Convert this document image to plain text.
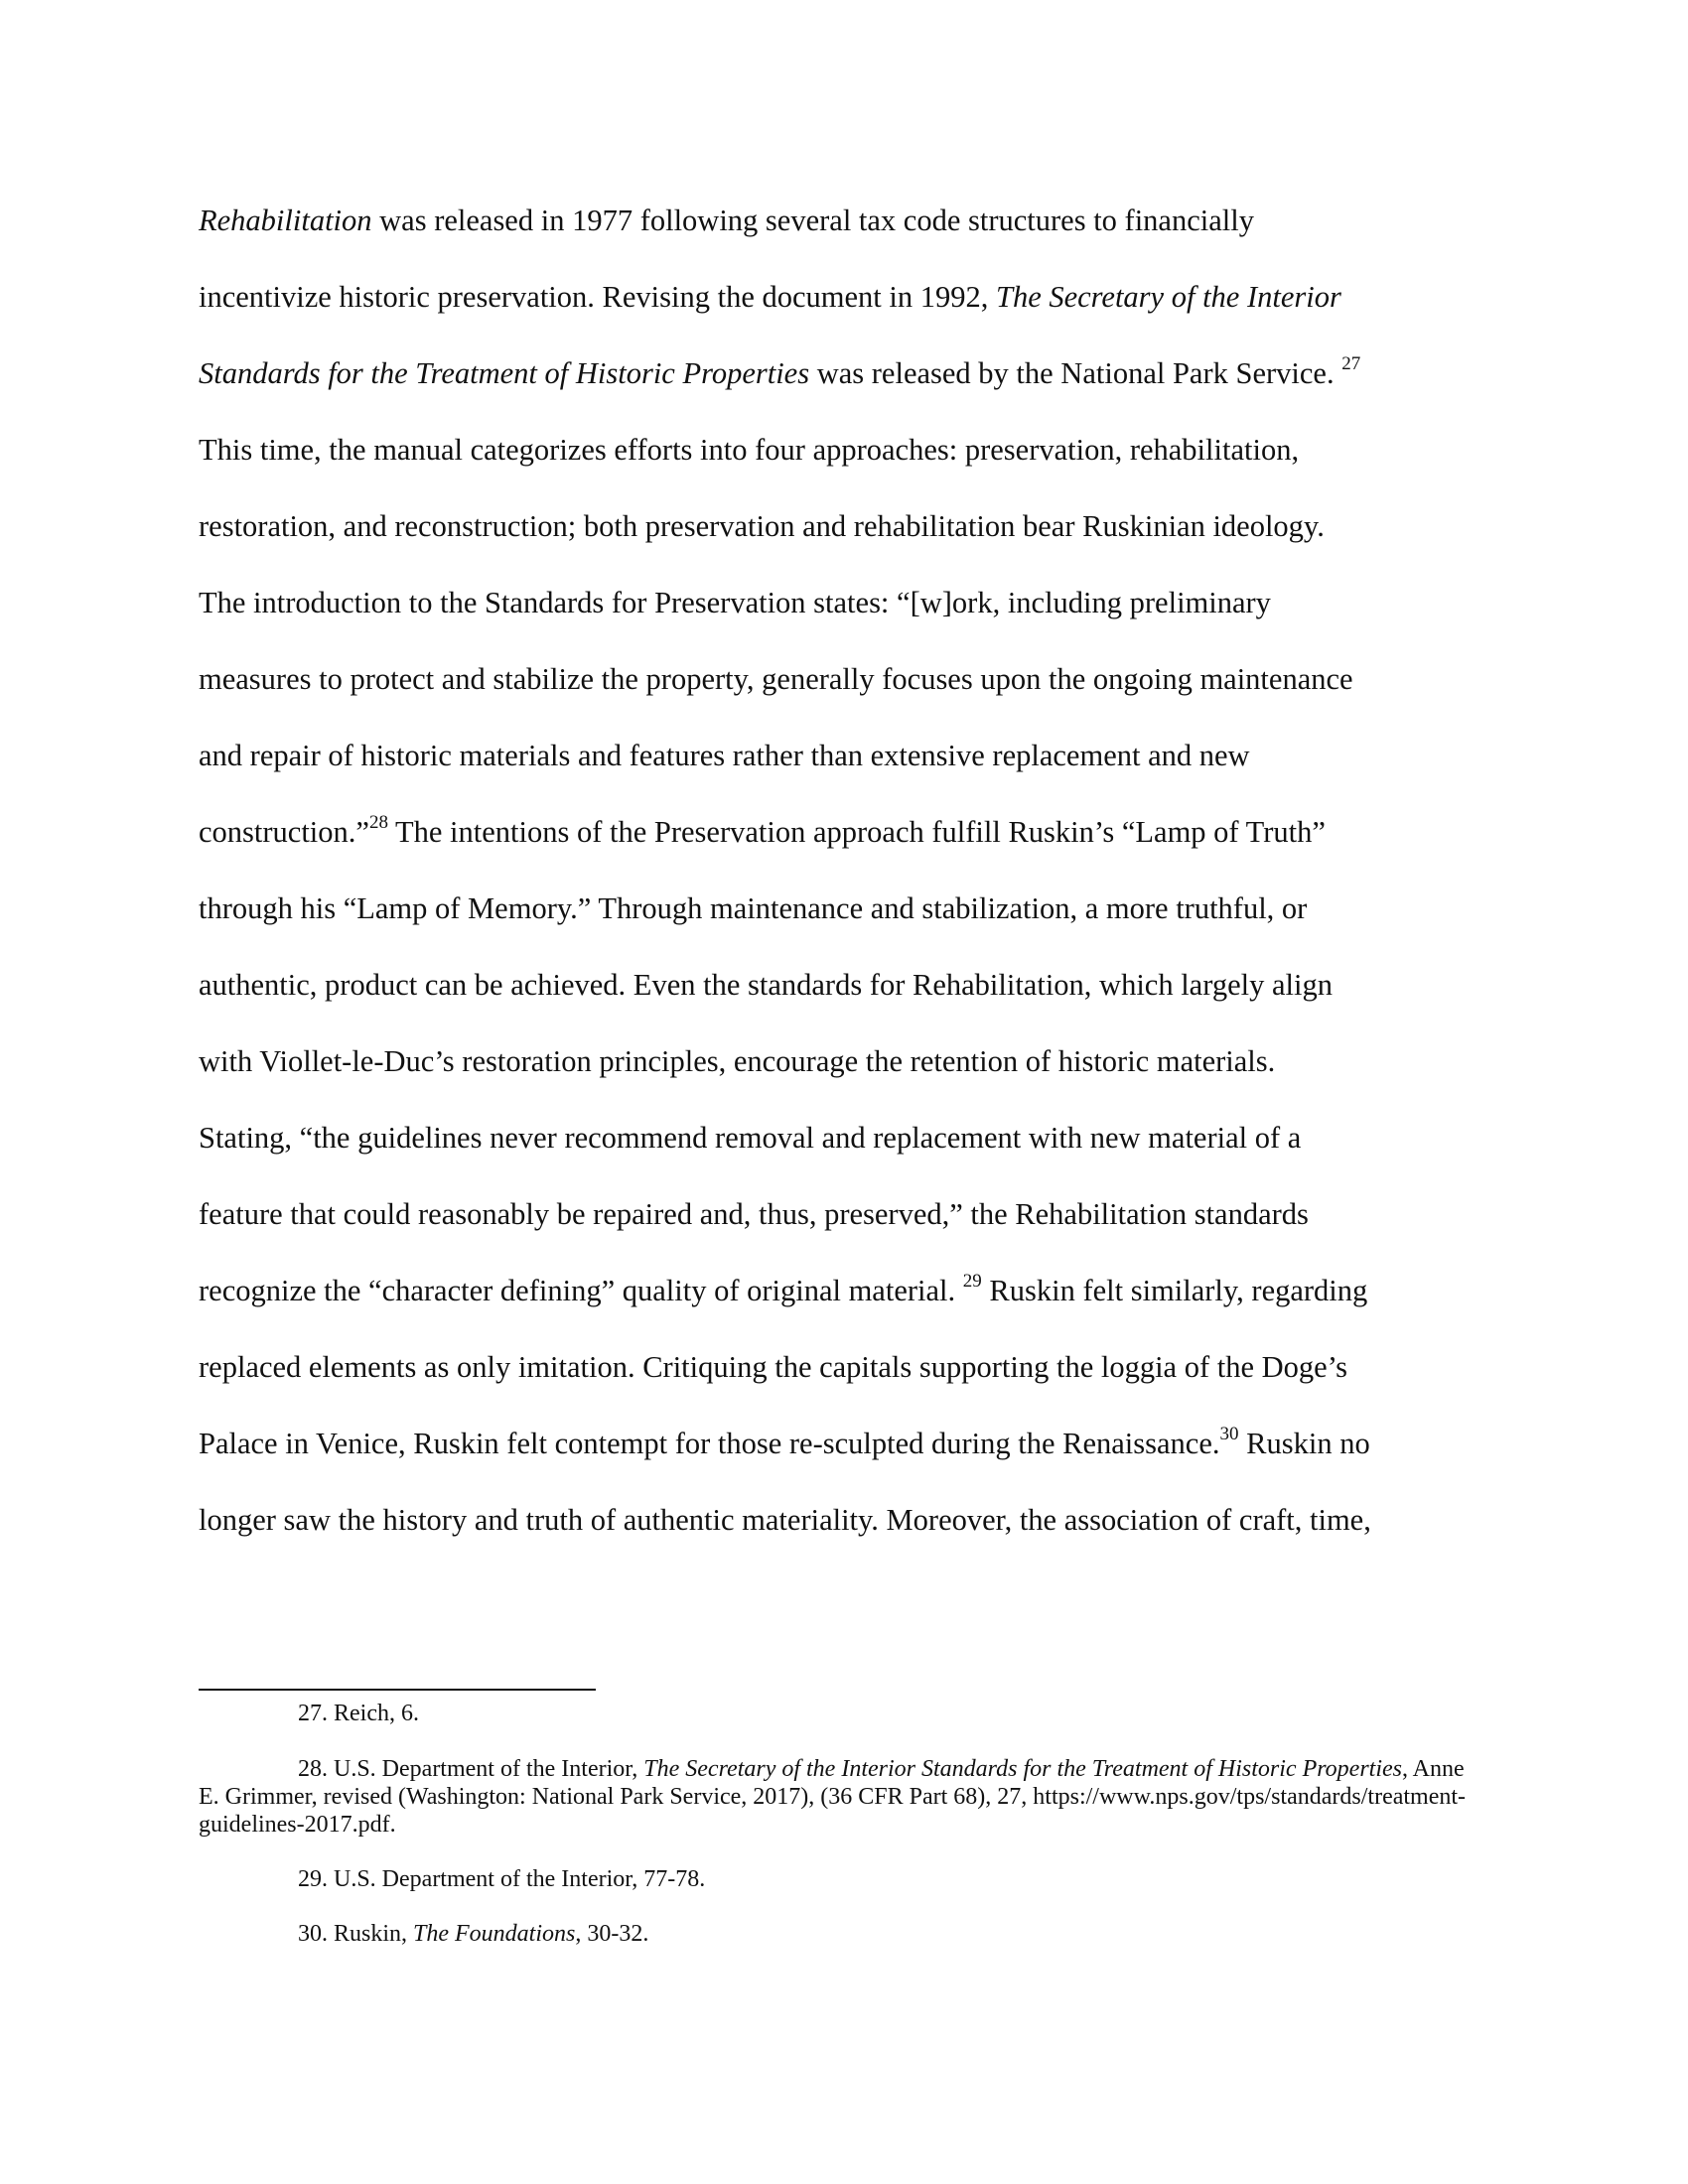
Rehabilitation was released in 1977 following several tax code structures to financially
incentivize historic preservation. Revising the document in 1992, The Secretary of the Interior
Standards for the Treatment of Historic Properties was released by the National Park Service. $^{27}$
This time, the manual categorizes efforts into four approaches: preservation, rehabilitation,
restoration, and reconstruction; both preservation and rehabilitation bear Ruskinian ideology.
The introduction to the Standards for Preservation states: “[w]ork, including preliminary
measures to protect and stabilize the property, generally focuses upon the ongoing maintenance
and repair of historic materials and features rather than extensive replacement and new
construction.”$^{28}$ The intentions of the Preservation approach fulfill Ruskin’s “Lamp of Truth”
through his “Lamp of Memory.” Through maintenance and stabilization, a more truthful, or
authentic, product can be achieved. Even the standards for Rehabilitation, which largely align
with Viollet-le-Duc’s restoration principles, encourage the retention of historic materials.
Stating, “the guidelines never recommend removal and replacement with new material of a
feature that could reasonably be repaired and, thus, preserved,” the Rehabilitation standards
recognize the “character defining” quality of original material. $^{29}$ Ruskin felt similarly, regarding
replaced elements as only imitation. Critiquing the capitals supporting the loggia of the Doge’s
Palace in Venice, Ruskin felt contempt for those re-sculpted during the Renaissance.$^{30}$ Ruskin no
longer saw the history and truth of authentic materiality. Moreover, the association of craft, time,

27. Reich, 6.

28. U.S. Department of the Interior, The Secretary of the Interior Standards for the Treatment of Historic Properties, Anne E. Grimmer, revised (Washington: National Park Service, 2017), (36 CFR Part 68), 27, https://www.nps.gov/tps/standards/treatment-guidelines-2017.pdf.

29. U.S. Department of the Interior, 77-78.

30. Ruskin, The Foundations, 30-32.
